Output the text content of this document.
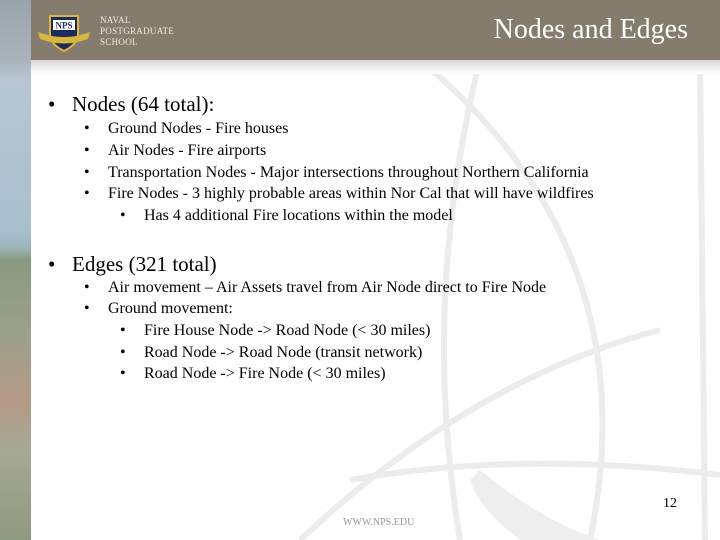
NPS
NAVAL
POSTGRADUATE
SCHOOL	Nodes and Edges
• Nodes (64 total):
• Ground Nodes - Fire houses
• Air Nodes - Fire airports
• Transportation Nodes - Major intersections throughout Northern California
• Fire Nodes - 3 highly probable areas within Nor Cal that will have wildfires
• Has 4 additional Fire locations within the model
• Edges (321 total)
• Air movement – Air Assets travel from Air Node direct to Fire Node
• Ground movement:
• Fire House Node -> Road Node (< 30 miles)
• Road Node -> Road Node (transit network)
• Road Node -> Fire Node (< 30 miles)
12
WWW.NPS.EDU
